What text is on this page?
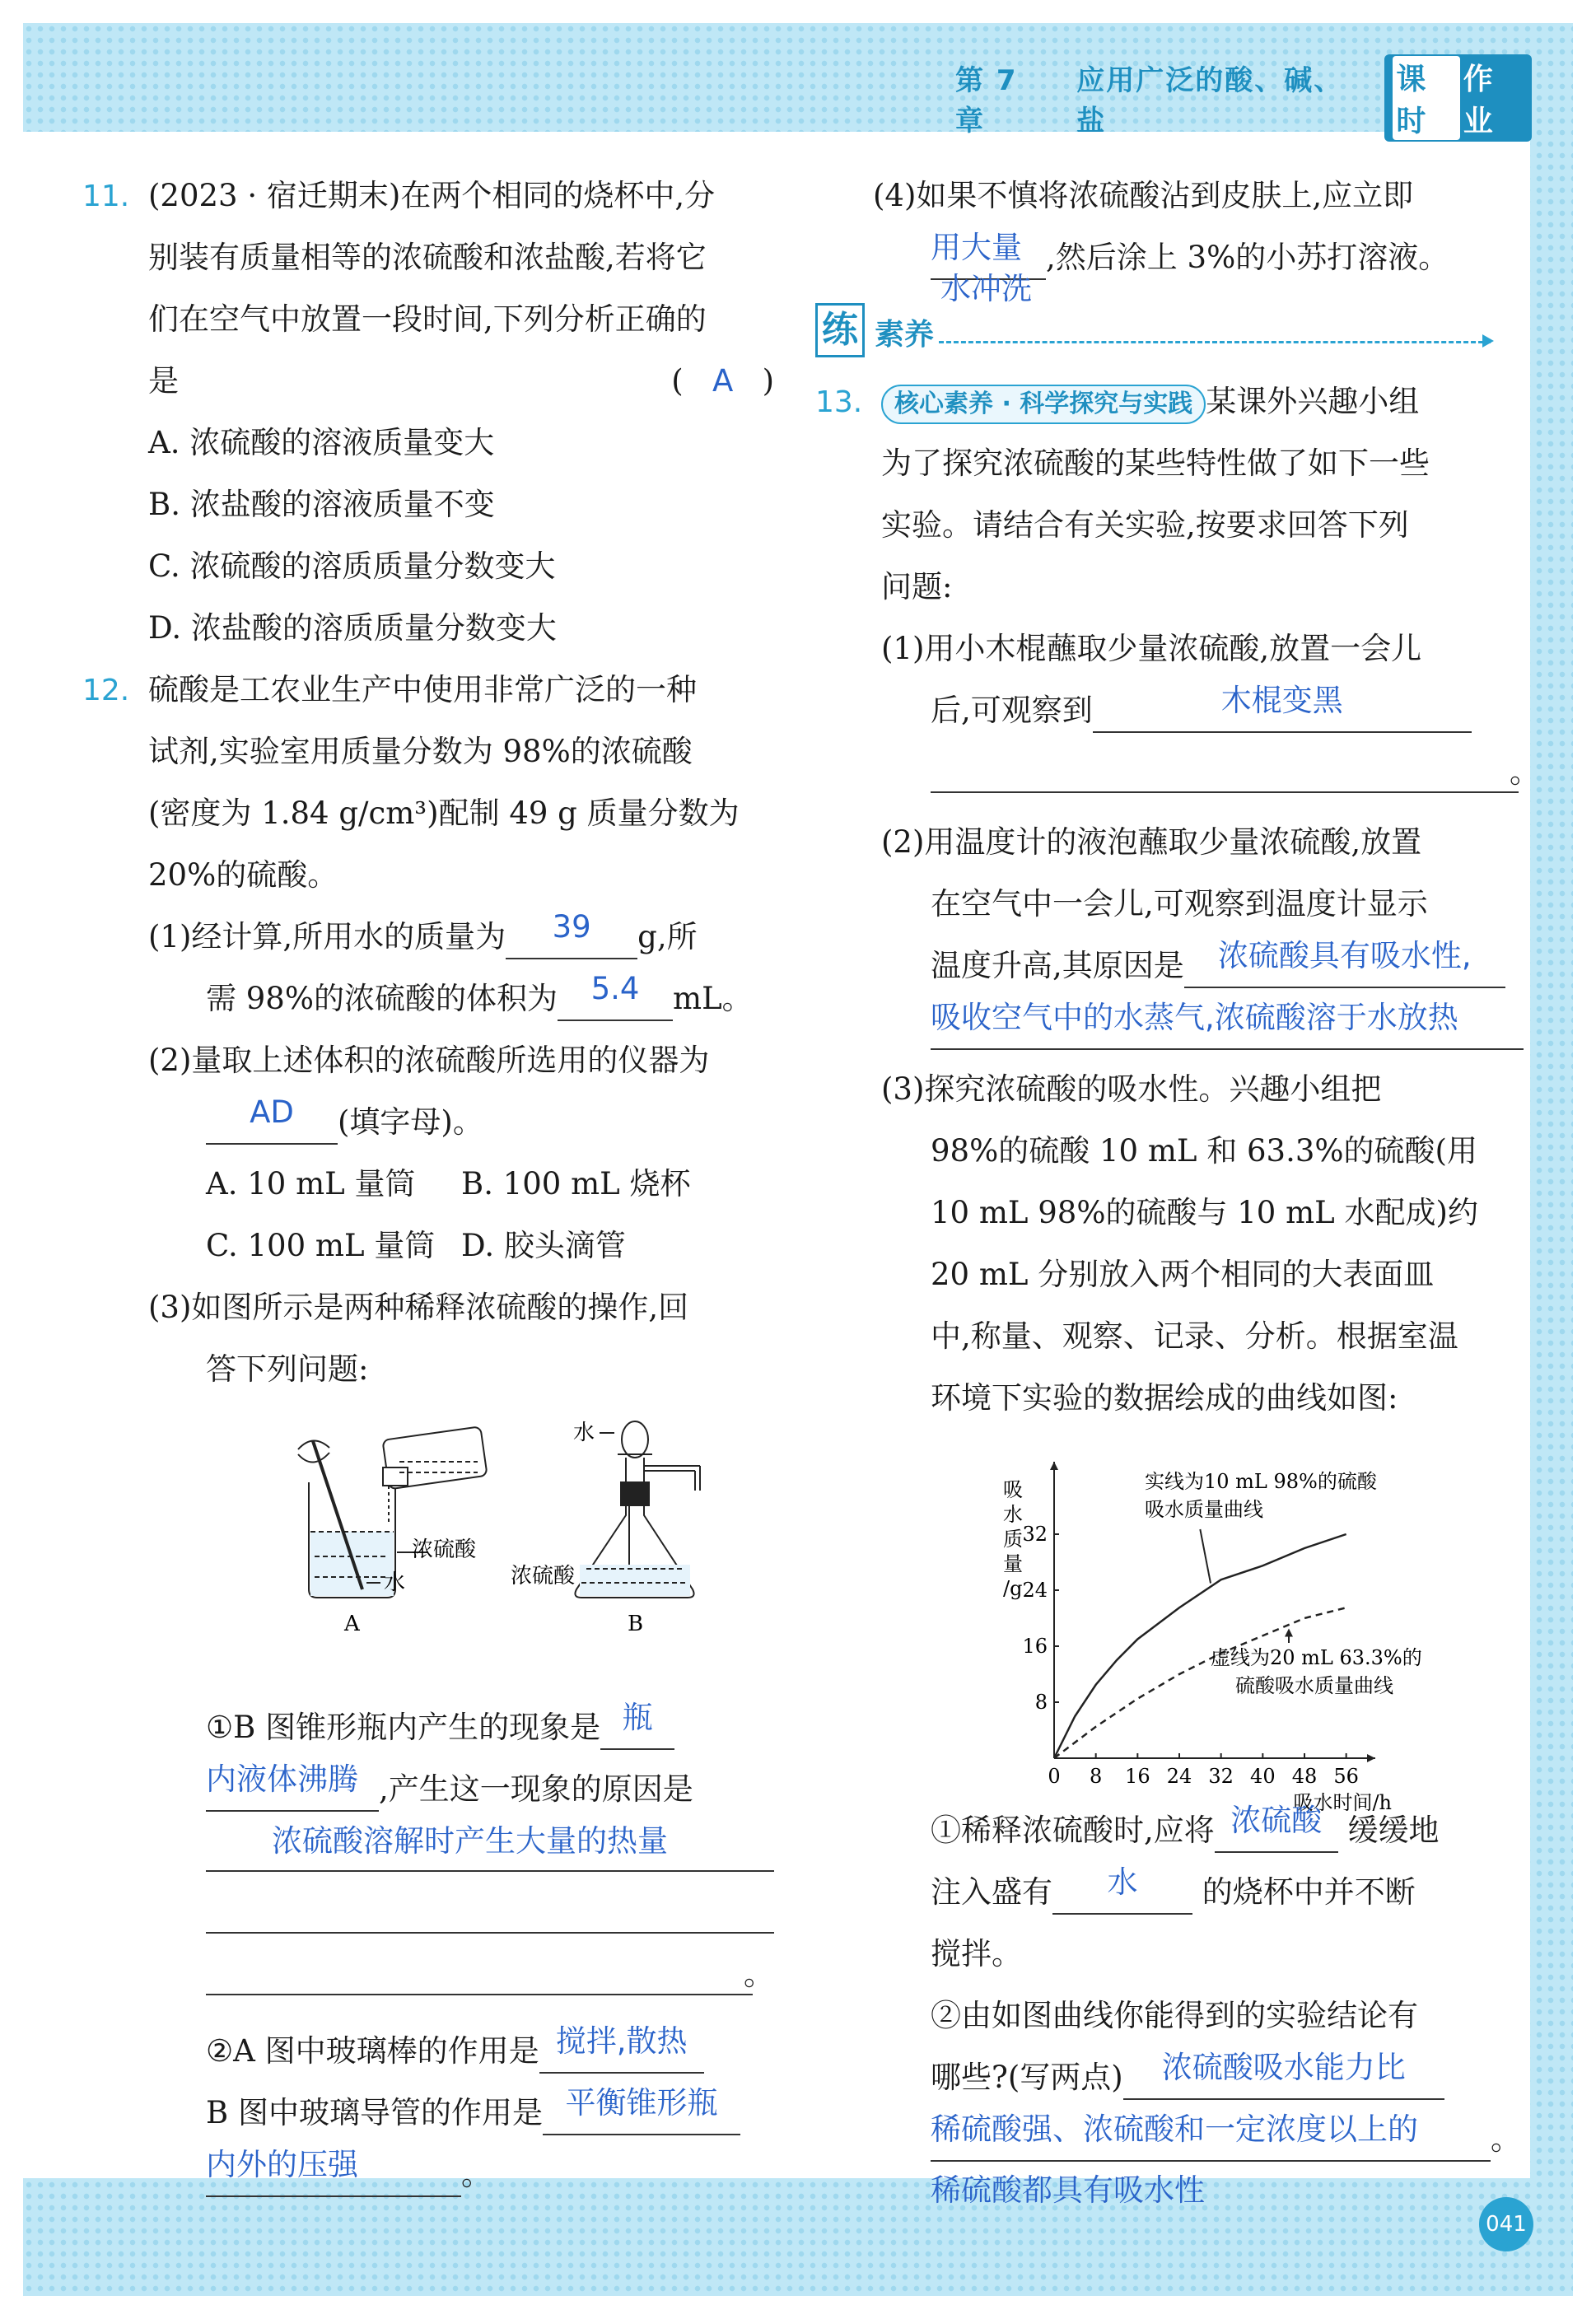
第 7 章
应用广泛的酸、碱、盐
课时
作业
11. (2023 · 宿迁期末)在两个相同的烧杯中,分
别装有质量相等的浓硫酸和浓盐酸,若将它
们在空气中放置一段时间,下列分析正确的
是	( A )
A. 浓硫酸的溶液质量变大
B. 浓盐酸的溶液质量不变
C. 浓硫酸的溶质质量分数变大
D. 浓盐酸的溶质质量分数变大
12. 硫酸是工农业生产中使用非常广泛的一种
试剂,实验室用质量分数为 98%的浓硫酸
(密度为 1.84 g/cm³)配制 49 g 质量分数为
20%的硫酸。
(1)经计算,所用水的质量为 39 g,所
需 98%的浓硫酸的体积为 5.4 mL。
(2)量取上述体积的浓硫酸所选用的仪器为
AD (填字母)。
A. 10 mL 量筒 B. 100 mL 烧杯
C. 100 mL 量筒 D. 胶头滴管
(3)如图所示是两种稀释浓硫酸的操作,回
答下列问题:
浓硫酸
水
A
水
浓硫酸
B
①B 图锥形瓶内产生的现象是 瓶
内液体沸腾 ,产生这一现象的原因是
浓硫酸溶解时产生大量的热量
。
②A 图中玻璃棒的作用是 搅拌,散热
B 图中玻璃导管的作用是 平衡锥形瓶
内外的压强	。
(4)如果不慎将浓硫酸沾到皮肤上,应立即
用大量 ,然后涂上 3%的小苏打溶液。
水冲洗
练 素养
13. 核心素养 · 科学探究与实践 某课外兴趣小组
为了探究浓硫酸的某些特性做了如下一些
实验。请结合有关实验,按要求回答下列
问题:
(1)用小木棍蘸取少量浓硫酸,放置一会儿
后,可观察到	木棍变黑
。
(2)用温度计的液泡蘸取少量浓硫酸,放置
在空气中一会儿,可观察到温度计显示
温度升高,其原因是 浓硫酸具有吸水性,
吸收空气中的水蒸气,浓硫酸溶于水放热
(3)探究浓硫酸的吸水性。兴趣小组把
98%的硫酸 10 mL 和 63.3%的硫酸(用
10 mL 98%的硫酸与 10 mL 水配成)约
20 mL 分别放入两个相同的大表面皿
中,称量、观察、记录、分析。根据室温
环境下实验的数据绘成的曲线如图:
0 8 16 24 32 40 48 56
8
16
24
32
吸
水
质
量
/g
吸水时间/h
实线为10 mL 98%的硫酸
吸水质量曲线
虚线为20 mL 63.3%的
硫酸吸水质量曲线
①稀释浓硫酸时,应将 浓硫酸 缓缓地
注入盛有 水 的烧杯中并不断
搅拌。
②由如图曲线你能得到的实验结论有
哪些?(写两点) 浓硫酸吸水能力比
稀硫酸强、浓硫酸和一定浓度以上的 。
稀硫酸都具有吸水性
041
